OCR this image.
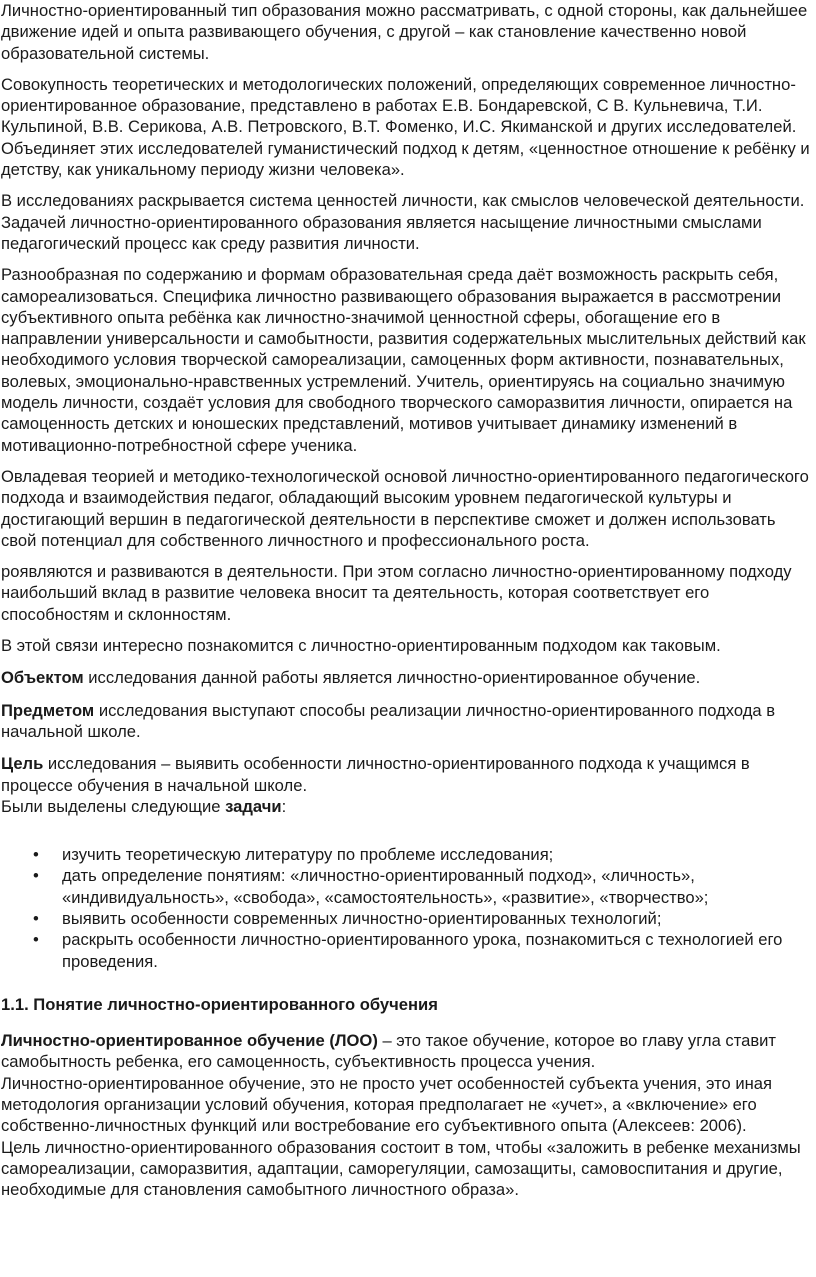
Личностно-ориентированный тип образования можно рассматривать, с одной стороны, как дальнейшее движение идей и опыта развивающего обучения, с другой – как становление качественно новой образовательной системы.

Совокупность теоретических и методологических положений, определяющих современное личностно-ориентированное образование, представлено в работах Е.В. Бондаревской, С В. Кульневича, Т.И. Кульпиной, В.В. Серикова, А.В. Петровского, В.Т. Фоменко, И.С. Якиманской и других исследователей. Объединяет этих исследователей гуманистический подход к детям, «ценностное отношение к ребёнку и детству, как уникальному периоду жизни человека».

В исследованиях раскрывается система ценностей личности, как смыслов человеческой деятельности. Задачей личностно-ориентированного образования является насыщение личностными смыслами педагогический процесс как среду развития личности.

Разнообразная по содержанию и формам образовательная среда даёт возможность раскрыть себя, самореализоваться. Специфика личностно развивающего образования выражается в рассмотрении субъективного опыта ребёнка как личностно-значимой ценностной сферы, обогащение его в направлении универсальности и самобытности, развития содержательных мыслительных действий как необходимого условия творческой самореализации, самоценных форм активности, познавательных, волевых, эмоционально-нравственных устремлений. Учитель, ориентируясь на социально значимую модель личности, создаёт условия для свободного творческого саморазвития личности, опирается на самоценность детских и юношеских представлений, мотивов учитывает динамику изменений в мотивационно-потребностной сфере ученика.

Овладевая теорией и методико-технологической основой личностно-ориентированного педагогического подхода и взаимодействия педагог, обладающий высоким уровнем педагогической культуры и достигающий вершин в педагогической деятельности в перспективе сможет и должен использовать свой потенциал для собственного личностного и профессионального роста.

роявляются и развиваются в деятельности. При этом согласно личностно-ориентированному подходу наибольший вклад в развитие человека вносит та деятельность, которая соответствует его способностям и склонностям.

В этой связи интересно познакомится с личностно-ориентированным подходом как таковым.

Объектом исследования данной работы является личностно-ориентированное обучение.

Предметом исследования выступают способы реализации личностно-ориентированного подхода в начальной школе.

Цель исследования – выявить особенности личностно-ориентированного подхода к учащимся в процессе обучения в начальной школе.

Были выделены следующие задачи:

• изучить теоретическую литературу по проблеме исследования;
• дать определение понятиям: «личностно-ориентированный подход», «личность», «индивидуальность», «свобода», «самостоятельность», «развитие», «творчество»;
• выявить особенности современных личностно-ориентированных технологий;
• раскрыть особенности личностно-ориентированного урока, познакомиться с технологией его проведения.
1.1. Понятие личностно-ориентированного обучения

Личностно-ориентированное обучение (ЛОО) – это такое обучение, которое во главу угла ставит самобытность ребенка, его самоценность, субъективность процесса учения.

Личностно-ориентированное обучение, это не просто учет особенностей субъекта учения, это иная методология организации условий обучения, которая предполагает не «учет», а «включение» его собственно-личностных функций или востребование его субъективного опыта (Алексеев: 2006).

Цель личностно-ориентированного образования состоит в том, чтобы «заложить в ребенке механизмы самореализации, саморазвития, адаптации, саморегуляции, самозащиты, самовоспитания и другие, необходимые для становления самобытного личностного образа».
